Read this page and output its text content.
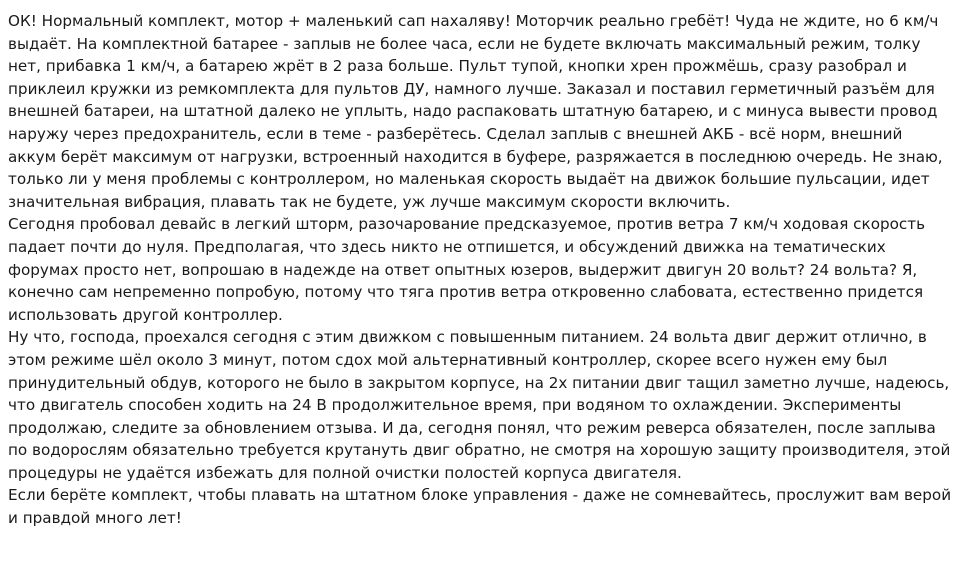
ОК! Нормальный комплект, мотор + маленький сап нахаляву! Моторчик реально гребёт! Чуда не ждите, но 6 км/ч выдаёт. На комплектной батарее - заплыв не более часа, если не будете включать максимальный режим, толку нет, прибавка 1 км/ч, а батарею жрёт в 2 раза больше. Пульт тупой, кнопки хрен прожмёшь, сразу разобрал и приклеил кружки из ремкомплекта для пультов ДУ, намного лучше. Заказал и поставил герметичный разъём для внешней батареи, на штатной далеко не уплыть, надо распаковать штатную батарею, и с минуса вывести провод наружу через предохранитель, если в теме - разберётесь. Сделал заплыв с внешней АКБ - всё норм, внешний аккум берёт максимум от нагрузки, встроенный находится в буфере, разряжается в последнюю очередь. Не знаю, только ли у меня проблемы с контроллером, но маленькая скорость выдаёт на движок большие пульсации, идет значительная вибрация, плавать так не будете, уж лучше максимум скорости включить.

Сегодня пробовал девайс в легкий шторм, разочарование предсказуемое, против ветра 7 км/ч ходовая скорость падает почти до нуля. Предполагая, что здесь никто не отпишется, и обсуждений движка на тематических форумах просто нет, вопрошаю в надежде на ответ опытных юзеров, выдержит двигун 20 вольт? 24 вольта? Я, конечно сам непременно попробую, потому что тяга против ветра откровенно слабовата, естественно придется использовать другой контроллер.

Ну что, господа, проехался сегодня с этим движком с повышенным питанием. 24 вольта двиг держит отлично, в этом режиме шёл около 3 минут, потом сдох мой альтернативный контроллер, скорее всего нужен ему был принудительный обдув, которого не было в закрытом корпусе, на 2х питании двиг тащил заметно лучше, надеюсь, что двигатель способен ходить на 24 В продолжительное время, при водяном то охлаждении. Эксперименты продолжаю, следите за обновлением отзыва. И да, сегодня понял, что режим реверса обязателен, после заплыва по водорослям обязательно требуется крутануть двиг обратно, не смотря на хорошую защиту производителя, этой процедуры не удаётся избежать для полной очистки полостей корпуса двигателя.

Если берёте комплект, чтобы плавать на штатном блоке управления - даже не сомневайтесь, прослужит вам верой и правдой много лет!
